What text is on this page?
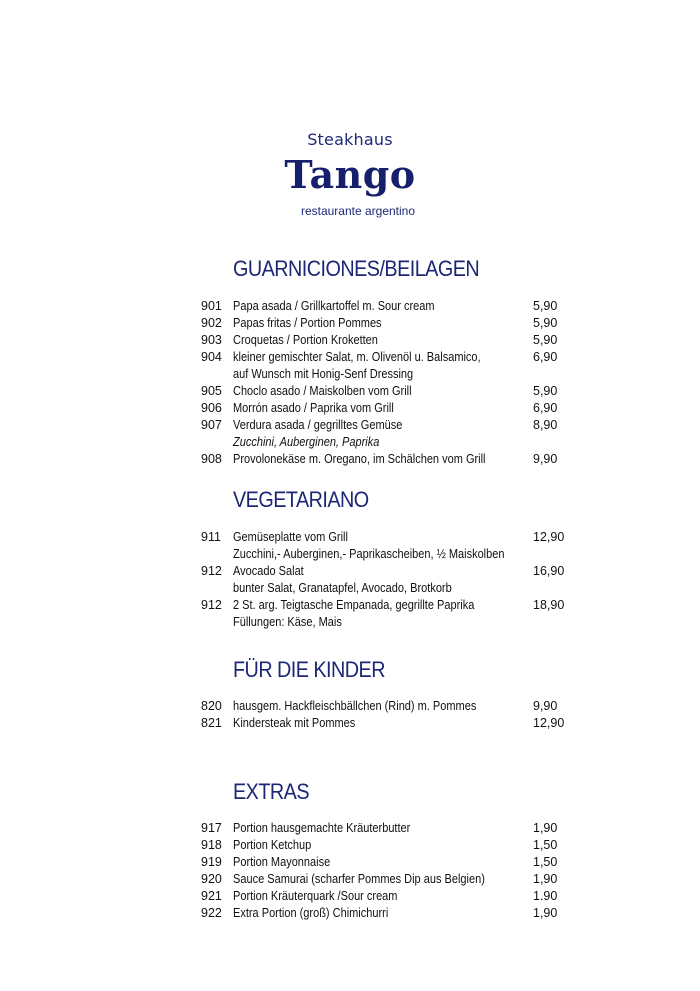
Steakhaus
Tango
restaurante argentino
GUARNICIONES/BEILAGEN
901 Papa asada / Grillkartoffel m. Sour cream	5,90
902 Papas fritas / Portion Pommes	5,90
903 Croquetas / Portion Kroketten	5,90
904 kleiner gemischter Salat, m. Olivenöl u. Balsamico,	6,90
auf Wunsch mit Honig-Senf Dressing
905 Choclo asado / Maiskolben vom Grill	5,90
906 Morrón asado / Paprika vom Grill	6,90
907 Verdura asada / gegrilltes Gemüse	8,90
Zucchini, Auberginen, Paprika
908 Provolonekäse m. Oregano, im Schälchen vom Grill	9,90
VEGETARIANO
911 Gemüseplatte vom Grill	12,90
Zucchini,- Auberginen,- Paprikascheiben, ½ Maiskolben
912 Avocado Salat	16,90
bunter Salat, Granatapfel, Avocado, Brotkorb
912 2 St. arg. Teigtasche Empanada, gegrillte Paprika	18,90
Füllungen: Käse, Mais
FÜR DIE KINDER
820 hausgem. Hackfleischbällchen (Rind) m. Pommes	9,90
821 Kindersteak mit Pommes	12,90
EXTRAS
917 Portion hausgemachte Kräuterbutter	1,90
918 Portion Ketchup	1,50
919 Portion Mayonnaise	1,50
920 Sauce Samurai (scharfer Pommes Dip aus Belgien)	1,90
921 Portion Kräuterquark /Sour cream	1.90
922 Extra Portion (groß) Chimichurri	1,90
